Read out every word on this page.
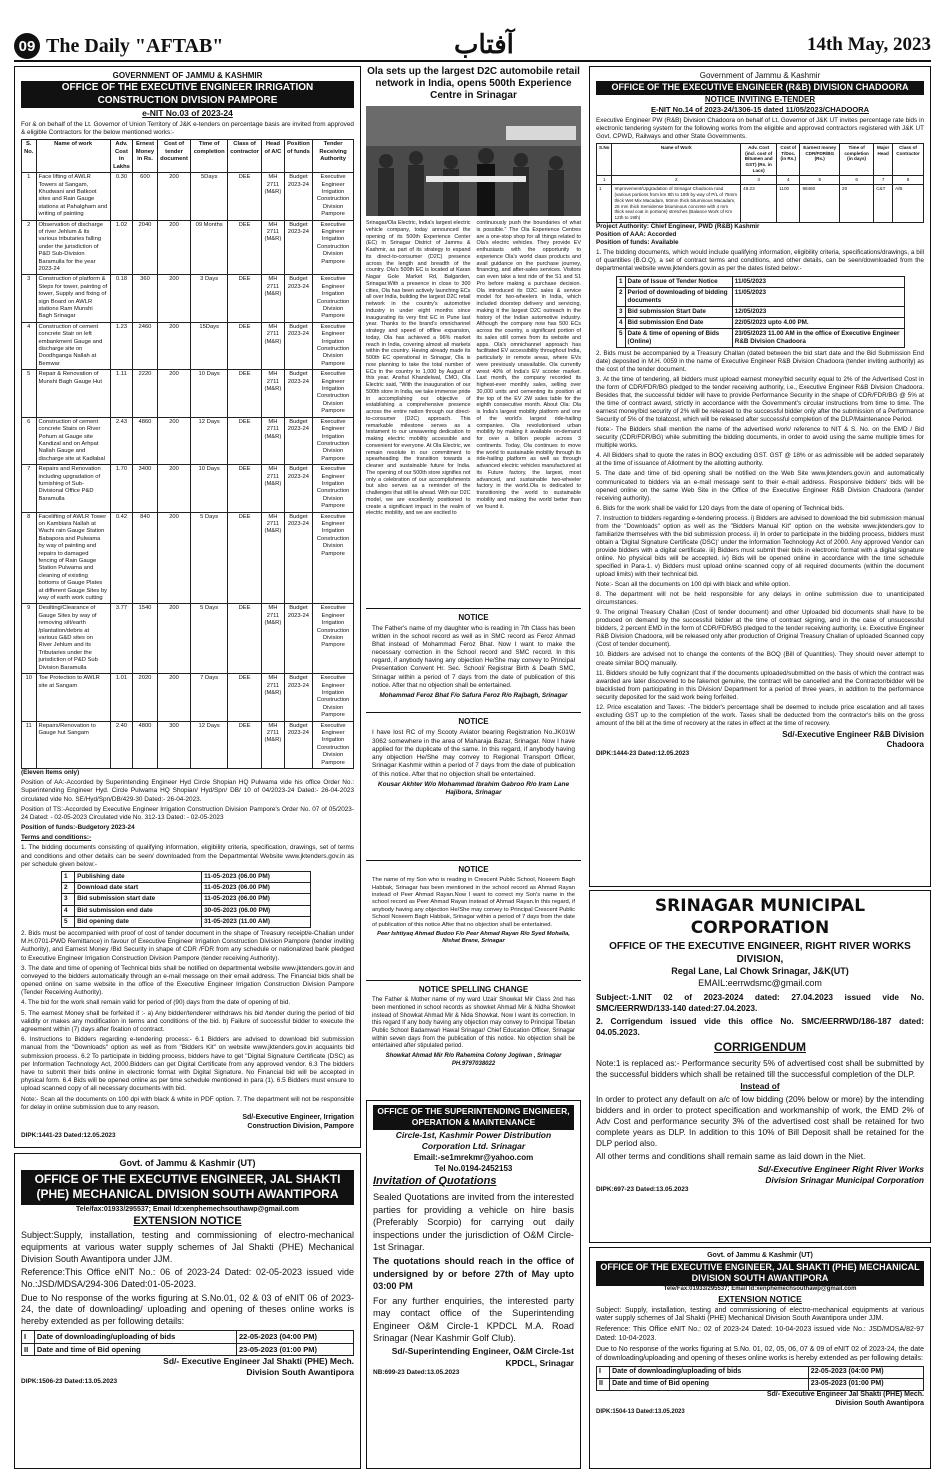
09 The Daily "AFTAB"	آفتاب	14th May, 2023
GOVERNMENT OF JAMMU & KASHMIR
OFFICE OF THE EXECUTIVE ENGINEER IRRIGATION CONSTRUCTION DIVISION PAMPORE
e-NIT No.03 of 2023-24
For & on behalf of the Lt. Governor of Union Territory of J&K e-tenders on percentage basis are invited from approved & eligible Contractors for the below mentioned works:-
S. No.	Name of work	Adv. Cost in Lakhs	Ernest Money in Rs.	Cost of tender document	Time of completion	Class of contractor	Head of A/C	Position of funds	Tender Receiving Authority
1	Face lifting of AWLR Towers at Sangam, Khudwani and Batkoot sites and Rain Gauge stations at Pahalgham and writing of painting	0.30	600	200	5Days	DEE	MH 2711 (M&R)	Budget 2023-24	Executive Engineer Irrigation Construction Division Pampore
2	Observation of discharge of river Jehlum & its various tributaries falling under the jurisdiction of P&D Sub-Division Baramulla for the year 2023-24	1.02	2040	200	09 Months	DEE	MH 2711 (M&R)	Budget 2023-24	Executive Engineer Irrigation Construction Division Pampore
3	Construction of platform & Steps for tower, painting of tower, Supply and fixing of sign Board on AWLR stations Ram Munshi Bagh Srinagar	0.18	360	200	3 Days	DEE	MH 2711 (M&R)	Budget 2023-24	Executive Engineer Irrigation Construction Division Pampore
4	Construction of cement concrete Stair on left embankment Gauge and discharge site on Doodhganga Nallah at Bemwar	1.23	2460	200	15Days	DEE	MH 2711 (M&R)	Budget 2023-24	Executive Engineer Irrigation Construction Division Pampore
5	Repair & Renovation of Munshi Bagh Gauge Hut	1.11	2220	200	10 Days	DEE	MH 2711 (M&R)	Budget 2023-24	Executive Engineer Irrigation Construction Division Pampore
6	Construction of cement concrete Stairs on River Pohum at Gauge site Kandizal and on Arhpat Nallah Gauge and discharge site at Kadlabal	2.43	4860	200	12 Days	DEE	MH 2711 (M&R)	Budget 2023-24	Executive Engineer Irrigation Construction Division Pampore
7	Repairs and Renovation including upgradation of furnishing of Sub-Divisional Office P&D Baramulla	1.70	3400	200	10 Days	DEE	MH 2711 (M&R)	Budget 2023-24	Executive Engineer Irrigation Construction Division Pampore
8	Facelifting of AWLR Tower on Kambiara Nallah at Wachi rain Gauge Station Babapora and Pulwama by way of painting and repairs to damaged fencing of Rain Gauge Station Pulwama and cleaning of existing bottoms of Gauge Plates at different Gauge Sites by way of earth work cutting	0.42	840	200	5 Days	DEE	MH 2711 (M&R)	Budget 2023-24	Executive Engineer Irrigation Construction Division Pampore
9	Desilting/Clearance of Gauge Sites by way of removing silt/earth /plantation/debris at various G&D sites on River Jehlum and its Tributaries under the jurisdiction of P&D Sub Division Baramulla	3.77	1540	200	5 Days	DEE	MH 2711 (M&R)	Budget 2023-24	Executive Engineer Irrigation Construction Division Pampore
10	Toe Protection to AWLR site at Sangam	1.01	2020	200	7 Days	DEE	MH 2711 (M&R)	Budget 2023-24	Executive Engineer Irrigation Construction Division Pampore
11	Repairs/Renovation to Gauge hut Sangam	2.40	4800	300	12 Days	DEE	MH 2711 (M&R)	Budget 2023-24	Executive Engineer Irrigation Construction Division Pampore
(Eleven Items only)
Position of AA:-Accorded by Superintending Engineer Hyd Circle Shopian HQ Pulwama vide his office Order No.: Superintending Engineer Hyd. Circle Pulwama HQ Shopian/ Hyd/Spn/ DB/ 10 of 04/2023-24 Dated:- 26-04-2023 circulated vide No. SE/Hyd/Spn/DB/429-30 Dated:- 26-04-2023.
Position of TS:-Accorded by Executive Engineer Irrigation Construction Division Pampore's Order No. 07 of 05/2023-24 Dated: - 02-05-2023 Circulated vide No. 312-13 Dated: - 02-05-2023
Position of funds:-Budgetory 2023-24
Terms and conditions:-
1. The bidding documents consisting of qualifying information, eligibility criteria, specification, drawings, set of terms and conditions and other details can be seen/ downloaded from the Departmental Website www.jktenders.gov.in as per schedule given below:-
1	Publishing date	11-05-2023 (06.00 PM)
2	Download date start	11-05-2023 (06.00 PM)
3	Bid submission start date	11-05-2023 (06.00 PM)
4	Bid submission end date	30-05-2023 (06.00 PM)
5	Bid opening date	31-05-2023 (11.00 AM)
2. Bids must be accompanied with proof of cost of tender document in the shape of Treasury receipt/e-Challan under M.H.0701-PWD Remittance) in favour of Executive Engineer Irrigation Construction Division Pampore (tender inviting Authority), and Earnest Money /Bid Security in shape of CDR /FDR from any schedule or nationalized bank pledged to Executive Engineer Irrigation Construction Division Pampore (tender receiving Authority).
3. The date and time of opening of Technical bids shall be notified on departmental website www.jktenders.gov.in and conveyed to the bidders automatically through an e-mail message on their email address. The Financial bids shall be opened online on same website in the office of the Executive Engineer Irrigation Construction Division Pampore (Tender Receiving Authority).
4. The bid for the work shall remain valid for period of (90) days from the date of opening of bid.
5. The earnest Money shall be forfeited if :- a) Any bidder/tenderer withdraws his bid /tender during the period of bid validity or makes any modification in terms and conditions of the bid. b) Failure of successful bidder to execute the agreement within (7) days after fixation of contract.
6. Instructions to Bidders regarding e-tendering process:- 6.1 Bidders are advised to download bid submission manual from the "Downloads" option as well as from "Bidders Kit" on website www.jktenders.gov.in acquaints bid submission process. 6.2 To participate in bidding process, bidders have to get "Digital Signature Certificate (DSC) as per Information Technology Act, 2000.Bidders can get Digital Certificate from any approved vendor. 6.3 The bidders have to submit their bids online in electronic format with Digital Signature. No Financial bid will be accepted in physical form. 6.4 Bids will be opened online as per time schedule mentioned in para (1). 6.5 Bidders must ensure to upload scanned copy of all necessary documents with bid.
Note:- Scan all the documents on 100 dpi with black & white in PDF option. 7. The department will not be responsible for delay in online submission due to any reason.
Sd/-Executive Engineer, Irrigation Construction Division, Pampore
DIPK:1441-23 Dated:12.05.2023
Govt. of Jammu & Kashmir (UT)
OFFICE OF THE EXECUTIVE ENGINEER, JAL SHAKTI (PHE) MECHANICAL DIVISION SOUTH AWANTIPORA
Tele/fax:01933/295537; Email Id:xenphemechsouthawp@gmail.com
EXTENSION NOTICE
Subject:Supply, installation, testing and commissioning of electro-mechanical equipments at various water supply schemes of Jal Shakti (PHE) Mechanical Division South Awantipora under JJM.
Reference:This Office eNIT No.: 06 of 2023-24 Dated: 02-05-2023 issued vide No.:JSD/MDSA/294-306 Dated:01-05-2023.
Due to No response of the works figuring at S.No.01, 02 & 03 of eNIT 06 of 2023-24, the date of downloading/ uploading and opening of theses online works is hereby extended as per following details:
I	Date of downloading/uploading of bids	22-05-2023 (04:00 PM)
II	Date and time of Bid opening	23-05-2023 (01:00 PM)
Sd/- Executive Engineer Jal Shakti (PHE) Mech. Division South Awantipora
DIPK:1506-23 Dated:13.05.2023
Ola sets up the largest D2C automobile retail network in India, opens 500th Experience Centre in Srinagar
Srinagar/Ola Electric, India's largest electric vehicle company, today announced the opening of its 500th Experience Center (EC) in Srinagar District of Jammu & Kashmir, as part of its strategy to expand its direct-to-consumer (D2C) presence across the length and breadth of the country. Ola's 500th EC is located at Karan Nagar Gole Market Rd, Balgarden, Srinagar.With a presence in close to 300 cities, Ola has been actively launching ECs all over India, building the largest D2C retail network in the country's automotive industry in under eight months since inaugurating its very first EC in Pune last year. Thanks to the brand's omnichannel strategy and speed of offline expansion, today, Ola has achieved a 96% market reach in India, covering almost all markets within the country. Having already made its 500th EC operational in Srinagar, Ola is now planning to take the total number of ECs in the country to 1,000 by August of this year. Anshul Khandelwal, CMO, Ola Electric said, "With the inauguration of our 500th store in India, we take immense pride in accomplishing our objective of establishing a comprehensive presence across the entire nation through our direct-to-consumer (D2C) approach. This remarkable milestone serves as a testament to our unwavering dedication to making electric mobility accessible and convenient for everyone. At Ola Electric, we remain resolute in our commitment to spearheading the transition towards a cleaner and sustainable future for India. The opening of our 500th store signifies not only a celebration of our accomplishments but also serves as a reminder of the challenges that still lie ahead. With our D2C model, we are excellently positioned to create a significant impact in the realm of electric mobility, and we are excited to
continuously push the boundaries of what is possible." The Ola Experience Centres are a one-stop shop for all things related to Ola's electric vehicles. They provide EV enthusiasts with the opportunity to experience Ola's world class products and avail guidance on the purchase journey, financing, and after-sales services. Visitors can even take a test ride of the S1 and S1 Pro before making a purchase decision. Ola introduced its D2C sales & service model for two-wheelers in India, which included doorstep delivery and servicing, making it the largest D2C outreach in the history of the Indian automotive industry. Although the company now has 500 ECs across the country, a significant portion of its sales still comes from its website and apps. Ola's omnichannel approach has facilitated EV accessibility throughout India, particularly in remote areas, where EVs were previously unavailable. Ola currently wrest 40% of India's EV scooter market. Last month, the company recorded its highest-ever monthly sales, selling over 30,000 units and cementing its position at the top of the EV 2W sales table for the eighth consecutive month. About Ola: Ola is India's largest mobility platform and one of the world's largest ride-hailing companies. Ola revolutionised urban mobility by making it available on-demand for over a billion people across 3 continents. Today, Ola continues to move the world to sustainable mobility through its ride-hailing platform as well as through advanced electric vehicles manufactured at its Future factory, the largest, most advanced, and sustainable two-wheeler factory in the world.Ola is dedicated to transitioning the world to sustainable mobility and making the world better than we found it.
NOTICE
The Father's name of my daughter who is reading in 7th Class has been written in the school record as well as in SMC record as Feroz Ahmad Bhat instead of Mohammad Feroz Bhat. Now I want to make the necessary correction in the School record and SMC record. In this regard, if anybody having any objection He/She may convey to Principal Presentation Convent Hr. Sec. School/ Registrar Birth & Death SMC, Srinagar within a period of 7 days from the date of publication of this notice. After that no objection shall be entertained.
Mohammad Feroz Bhat F/o Safura Feroz R/o Rajbagh, Srinagar
NOTICE
I have lost RC of my Scooty Aviator bearing Registration No.JK01W 3062 somewhere in the area of Maharaja Bazar, Srinagar. Now I have applied for the duplicate of the same. In this regard, if anybody having any objection He/She may convey to Regional Transport Officer, Srinagar Kashmir within a period of 7 days from the date of publication of this notice. After that no objection shall be entertained.
Kousar Akhter W/o Mohammad Ibrahim Gabroo R/o Iram Lane Hajibora, Srinagar
NOTICE
The name of my Son who is reading in Crescent Public School, Noseem Bagh Habbak, Srinagar has been mentioned in the school record as Ahmad Rayan instead of Peer Ahmad Rayan.Now I want to correct my Son's name in the school record as Peer Ahmad Rayan instead of Ahmad Rayan.In this regard, if anybody having any objection He/She may convey to Principal Crescent Public School Noseem Bagh Habbak, Srinagar within a period of 7 days from the date of publication of this notice.After that no objection shall be entertained.
Peer Ishtiyaq Ahmad Budoo F/o Peer Ahmad Rayan R/o Syed Mohalla, Nishat Brane, Srinagar
NOTICE SPELLING CHANGE
The Father & Mother name of my ward Uzair Showkat Mir Class 2nd has been mentioned in school records as showket Ahmad Mir & Nidha Showket instead of Showkat Ahmad Mir & Nida Showkat. Now I want its correction. In this regard If any body having any objection may convey to Principal Tibetan Public School Badamwari Hawal Srinagar/ Chief Education Officer, Srinagar within seven days from the publication of this notice. No objection shall be entertained after stipulated period.
Showkat Ahmad Mir R/o Rahemina Colony Jogiwan , Srinagar PH.9797038022
OFFICE OF THE SUPERINTENDING ENGINEER, OPERATION & MAINTENANCE
Circle-1st, Kashmir Power Distribution Corporation Ltd. Srinagar
Email:-se1mrekmr@yahoo.com
Tel No.0194-2452153
Invitation of Quotations
Sealed Quotations are invited from the interested parties for providing a vehicle on hire basis (Preferably Scorpio) for carrying out daily inspections under the jurisdiction of O&M Circle-1st Srinagar.
The quotations should reach in the office of undersigned by or before 27th of May upto 03:00 PM
For any further enquiries, the interested party may contact office of the Superintending Engineer O&M Circle-1 KPDCL M.A. Road Srinagar (Near Kashmir Golf Club).
Sd/-Superintending Engineer, O&M Circle-1st KPDCL, Srinagar
NB:699-23 Dated:13.05.2023
Government of Jammu & Kashmir
OFFICE OF THE EXECUTIVE ENGINEER (R&B) DIVISION CHADOORA
NOTICE INVITING E-TENDER
E-NIT No.14 of 2023-24/1306-15 dated 11/05/2023/CHADOORA
Executive Engineer PW (R&B) Division Chadoora on behalf of Lt. Governor of J&K UT invites percentage rate bids in electronic tendering system for the following works from the eligible and approved contractors registered with J&K UT Govt. CPWD, Railways and other State Governments.
S.No	Name of Work	Adv. Cost (incl. cost of Bitumen and GST) (Rs. in Lacs)	Cost of T/Doc. (in Rs.)	Earnest money CDR/FDR/BG (Rs.)	Time of completion (in days)	Major Head	Class of Contractor
1	2	3	4	5	6	7	8
1	Improvement/Upgradation of Srinagar Chadoora road (various portions from km 8th to 19th by way of P/L of 75mm thick Wet Mix Macadam, 50mm thick bituminous Macadam, 25 mm thick Semidense bituminous concrete with 4 mm thick seal coat in portions) stretches (Balance Work of Km 12th to 19th)	49.23	1100	98460	20	C&T	A/B
Project Authority: Chief Engineer, PWD (R&B) Kashmir
Position of AAA: Accorded
Position of funds: Available
1. The bidding documents, which would include qualifying information, eligibility criteria, specifications/drawings, a bill of quantities (B.O.Q), a set of contract terms and conditions, and other details, can be seen/downloaded from the departmental website www.jktenders.gov.in as per the dates listed below:-
1	Date of Issue of Tender Notice	11/05/2023
2	Period of downloading of bidding documents	11/05/2023
3	Bid submission Start Date	12/05/2023
4	Bid submission End Date	22/05/2023 upto 4.00 PM.
5	Date & time of opening of Bids (Online)	23/05/2023 11.00 AM in the office of Executive Engineer R&B Division Chadoora
2. Bids must be accompanied by a Treasury Challan (dated between the bid start date and the Bid Submission End date) deposited in M.H. 0059 in the name of Executive Engineer R&B Division Chadoora (tender inviting authority) as the cost of the tender document.
3. At the time of tendering, all bidders must upload earnest money/bid security equal to 2% of the Advertised Cost in the form of CDR/FDR/BG pledged to the tender receiving authority, i.e., Executive Engineer R&B Division Chadoora. Besides that, the successful bidder will have to provide Performance Security in the shape of CDR/FDR/BG @ 5% at the time of contract award, strictly in accordance with the Government's circular instructions from time to time. The earnest money/bid security of 2% will be released to the successful bidder only after the submission of a Performance Security of 5% of the tolatcost, which will be released after successful completion of the DLP/Maintenance Period.
Note:- The Bidders shall mention the name of the advertised work/ reference to NIT & S. No. on the EMD / Bid security (CDR/FDR/BG) while submitting the bidding documents, in order to avoid using the same multiple times for multiple works.
4. All Bidders shall to quote the rates in BOQ excluding GST. GST @ 18% or as admissible will be added separately at the time of issuance of Allotment by the allotting authority.
5. The date and time of bid opening shall be notified on the Web Site www.jktenders.gov.in and automatically communicated to bidders via an e-mail message sent to their e-mail address. Responsive bidders' bids will be opened online on the same Web Site in the Office of the Executive Engineer R&B Division Chadoora (tender receiving authority).
6. Bids for the work shall be valid for 120 days from the date of opening of Technical bids.
7. Instruction to bidders regarding e-tendering process. i) Bidders are advised to download the bid submission manual from the "Downloads" option as well as the "Bidders Manual Kit" option on the website www.jktenders.gov to familiarize themselves with the bid submission process. ii) In order to participate in the bidding process, bidders must obtain a 'Digital Signature Certificate (DSC)' under the Information Technology Act of 2000. Any approved Vendor can provide bidders with a digital certificate. iii) Bidders must submit their bids in electronic format with a digital signature online. No physical bids will be accepted. iv) Bids will be opened online in accordance with the time schedule specified in Para-1. v) Bidders must upload online scanned copy of all required documents (within the document upload limits) with their technical bid.
Note:- Scan all the documents on 100 dpi with black and white option.
8. The department will not be held responsible for any delays in online submission due to unanticipated circumstances.
9. The original Treasury Challan (Cost of tender document) and other Uploaded bid documents shall have to be produced on demand by the successful bidder at the time of contract signing, and in the case of unsuccessful bidders, 2 percent EMD in the form of CDR/FDR/BG pledged to the tender receiving authority, i.e. Executive Engineer R&B Division Chadoora, will be released only after production of Original Treasury Challan of uploaded Scanned copy (Cost of tender document).
10. Bidders are advised not to change the contents of the BOQ (Bill of Quantities). They should never attempt to create similar BOQ manually.
11. Bidders should be fully cognizant that if the documents uploaded/submitted on the basis of which the contract was awarded are later discovered to be fake/not genuine, the contract will be cancelled and the Contractor/bidder will be blacklisted from participating in this Division/ Department for a period of three years, in addition to the performance security deposited for the said work being forfeited.
12. Price escalation and Taxes: -The bidder's percentage shall be deemed to include price escalation and all taxes excluding GST up to the completion of the work. Taxes shall be deducted from the contractor's bills on the gross amount of the bill at the time of recovery at the rates in effect at the time of recovery.
Sd/-Executive Engineer R&B Division Chadoora
DIPK:1444-23 Dated:12.05.2023
SRINAGAR MUNICIPAL CORPORATION
OFFICE OF THE EXECUTIVE ENGINEER, RIGHT RIVER WORKS DIVISION,
Regal Lane, Lal Chowk Srinagar, J&K(UT)
EMAIL:eerrwdsmc@gmail.com
Subject:-1.NIT 02 of 2023-2024 dated: 27.04.2023 issued vide No. SMC/EERRWD/133-140 dated:27.04.2023.
2. Corrigendum issued vide this office No. SMC/EERRWD/186-187 dated: 04.05.2023.
CORRIGENDUM
Note:1 is replaced as:- Performance security 5% of advertised cost shall be submitted by the successful bidders which shall be retained till the successful completion of the DLP.
Instead of
In order to protect any default on a/c of low bidding (20% below or more) by the intending bidders and in order to protect specification and workmanship of work, the EMD 2% of Adv Cost and performance security 3% of the advertised cost shall be retained for two complete years as DLP. In addition to this 10% of Bill Deposit shall be retained for the DLP period also.
All other terms and conditions shall remain same as laid down in the Niet.
Sd/-Executive Engineer Right River Works Division Srinagar Municipal Corporation
DIPK:697-23 Dated:13.05.2023
Govt. of Jammu & Kashmir (UT)
OFFICE OF THE EXECUTIVE ENGINEER, JAL SHAKTI (PHE) MECHANICAL DIVISION SOUTH AWANTIPORA
Tele/Fax:01933/295537; Email Id:xenphemechsouthawp@gmail.com
EXTENSION NOTICE
Subject: Supply, installation, testing and commissioning of electro-mechanical equipments at various water supply schemes of Jal Shakti (PHE) Mechanical Division South Awantipora under JJM.
Reference: This Office eNIT No.: 02 of 2023-24 Dated: 10-04-2023 issued vide No.: JSD/MDSA/82-97 Dated: 10-04-2023.
Due to No response of the works figuring at S.No. 01, 02, 05, 06, 07 & 09 of eNIT 02 of 2023-24, the date of downloading/uploading and opening of theses online works is hereby extended as per following details:
I	Date of downloading/uploading of bids	22-05-2023 (04:00 PM)
II	Date and time of Bid opening	23-05-2023 (01:00 PM)
Sd/- Executive Engineer Jal Shakti (PHE) Mech. Division South Awantipora
DIPK:1504-13 Dated:13.05.2023
